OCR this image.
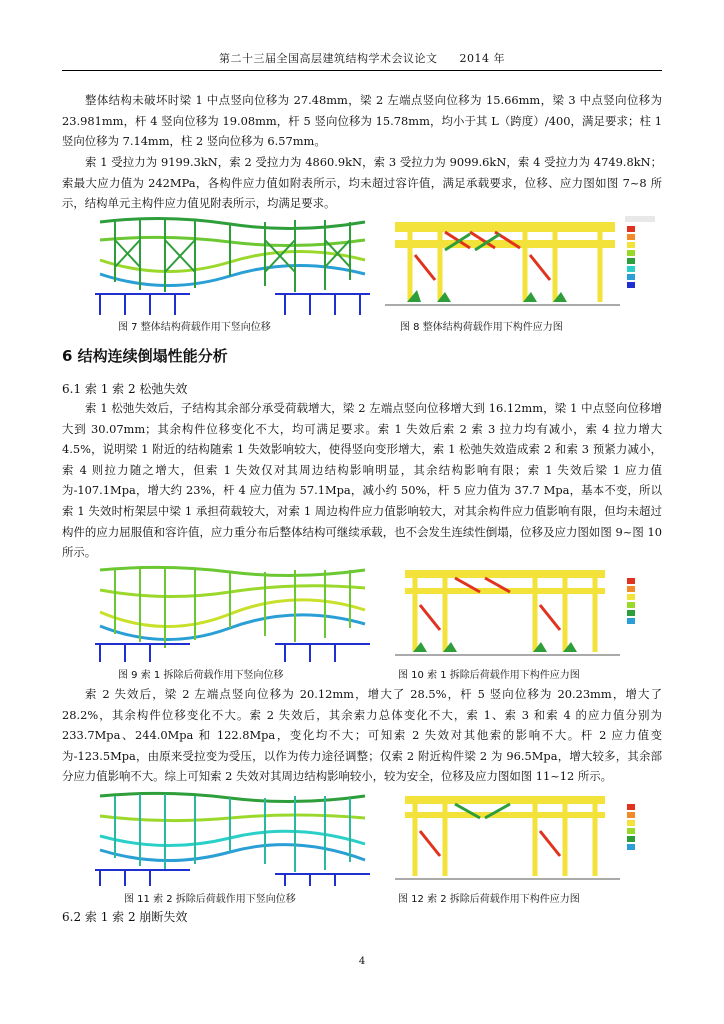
第二十三届全国高层建筑结构学术会议论文 2014 年

整体结构未破坏时梁 1 中点竖向位移为 27.48mm，梁 2 左端点竖向位移为 15.66mm，梁 3 中点竖向位移为 23.981mm，杆 4 竖向位移为 19.08mm，杆 5 竖向位移为 15.78mm，均小于其 L（跨度）/400，满足要求；柱 1 竖向位移为 7.14mm，柱 2 竖向位移为 6.57mm。

索 1 受拉力为 9199.3kN，索 2 受拉力为 4860.9kN，索 3 受拉力为 9099.6kN，索 4 受拉力为 4749.8kN；索最大应力值为 242MPa，各构件应力值如附表所示，均未超过容许值，满足承载要求，位移、应力图如图 7~8 所示，结构单元主构件应力值见附表所示，均满足要求。

图 7 整体结构荷载作用下竖向位移	图 8 整体结构荷载作用下构件应力图
6 结构连续倒塌性能分析
6.1 索 1 索 2 松弛失效

索 1 松弛失效后，子结构其余部分承受荷载增大，梁 2 左端点竖向位移增大到 16.12mm，梁 1 中点竖向位移增大到 30.07mm；其余构件位移变化不大，均可满足要求。索 1 失效后索 2 索 3 拉力均有减小，索 4 拉力增大 4.5%，说明梁 1 附近的结构随索 1 失效影响较大，使得竖向变形增大，索 1 松弛失效造成索 2 和索 3 预紧力减小，索 4 则拉力随之增大，但索 1 失效仅对其周边结构影响明显，其余结构影响有限；索 1 失效后梁 1 应力值为-107.1Mpa，增大约 23%，杆 4 应力值为 57.1Mpa，减小约 50%，杆 5 应力值为 37.7 Mpa，基本不变，所以索 1 失效时桁架层中梁 1 承担荷载较大，对索 1 周边构件应力值影响较大，对其余构件应力值影响有限，但均未超过构件的应力屈服值和容许值，应力重分布后整体结构可继续承载，也不会发生连续性倒塌，位移及应力图如图 9~图 10 所示。

图 9 索 1 拆除后荷载作用下竖向位移	图 10 索 1 拆除后荷载作用下构件应力图

索 2 失效后，梁 2 左端点竖向位移为 20.12mm，增大了 28.5%，杆 5 竖向位移为 20.23mm，增大了 28.2%，其余构件位移变化不大。索 2 失效后，其余索力总体变化不大，索 1、索 3 和索 4 的应力值分别为 233.7Mpa、244.0Mpa 和 122.8Mpa，变化均不大；可知索 2 失效对其他索的影响不大。杆 2 应力值变为-123.5Mpa，由原来受拉变为受压，以作为传力途径调整；仅索 2 附近构件梁 2 为 96.5Mpa，增大较多，其余部分应力值影响不大。综上可知索 2 失效对其周边结构影响较小，较为安全，位移及应力图如图 11~12 所示。

图 11 索 2 拆除后荷载作用下竖向位移	图 12 索 2 拆除后荷载作用下构件应力图
6.2 索 1 索 2 崩断失效
4
